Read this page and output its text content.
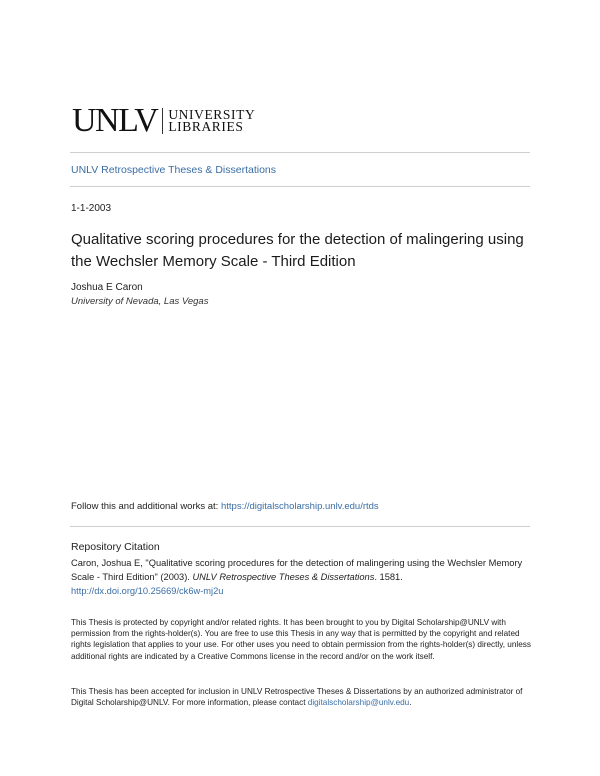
UNLV UNIVERSITY
LIBRARIES
UNLV Retrospective Theses & Dissertations
1-1-2003
Qualitative scoring procedures for the detection of malingering using the Wechsler Memory Scale - Third Edition
Joshua E Caron
University of Nevada, Las Vegas
Follow this and additional works at: https://digitalscholarship.unlv.edu/rtds
Repository Citation
Caron, Joshua E, "Qualitative scoring procedures for the detection of malingering using the Wechsler Memory Scale - Third Edition" (2003). UNLV Retrospective Theses & Dissertations. 1581.
http://dx.doi.org/10.25669/ck6w-mj2u
This Thesis is protected by copyright and/or related rights. It has been brought to you by Digital Scholarship@UNLV with permission from the rights-holder(s). You are free to use this Thesis in any way that is permitted by the copyright and related rights legislation that applies to your use. For other uses you need to obtain permission from the rights-holder(s) directly, unless additional rights are indicated by a Creative Commons license in the record and/or on the work itself.
This Thesis has been accepted for inclusion in UNLV Retrospective Theses & Dissertations by an authorized administrator of Digital Scholarship@UNLV. For more information, please contact digitalscholarship@unlv.edu.
